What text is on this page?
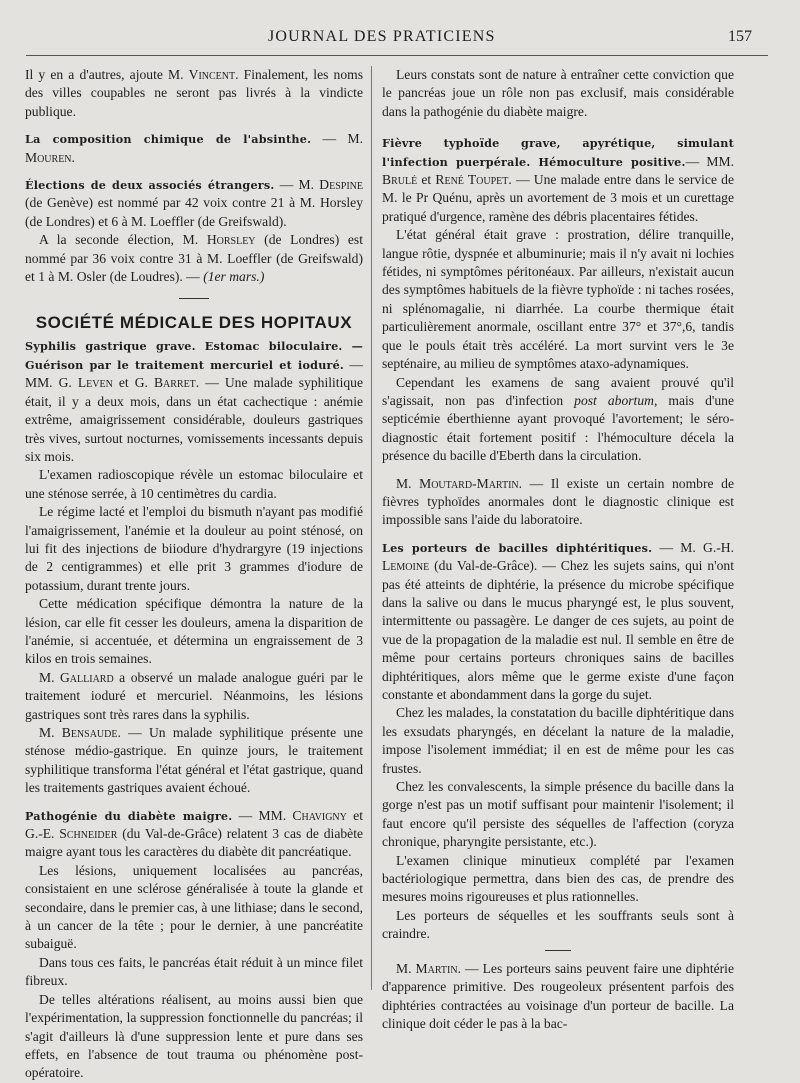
JOURNAL DES PRATICIENS	157

Il y en a d'autres, ajoute M. Vincent. Finalement, les noms des villes coupables ne seront pas livrés à la vindicte publique.

La composition chimique de l'absinthe. — M. Mouren.

Élections de deux associés étrangers. — M. Despine (de Genève) est nommé par 42 voix contre 21 à M. Horsley (de Londres) et 6 à M. Loeffler (de Greifswald).

A la seconde élection, M. Horsley (de Londres) est nommé par 36 voix contre 31 à M. Loeffler (de Greifswald) et 1 à M. Osler (de Loudres). — (1er mars.)

SOCIÉTÉ MÉDICALE DES HOPITAUX

Syphilis gastrique grave. Estomac biloculaire. — Guérison par le traitement mercuriel et ioduré. — MM. G. Leven et G. Barret. — Une malade syphilitique était, il y a deux mois, dans un état cachectique : anémie extrême, amaigrissement considérable, douleurs gastriques très vives, surtout nocturnes, vomissements incessants depuis six mois.

L'examen radioscopique révèle un estomac biloculaire et une sténose serrée, à 10 centimètres du cardia.

Le régime lacté et l'emploi du bismuth n'ayant pas modifié l'amaigrissement, l'anémie et la douleur au point sténosé, on lui fit des injections de biiodure d'hydrargyre (19 injections de 2 centigrammes) et elle prit 3 grammes d'iodure de potassium, durant trente jours.

Cette médication spécifique démontra la nature de la lésion, car elle fit cesser les douleurs, amena la disparition de l'anémie, si accentuée, et détermina un engraissement de 3 kilos en trois semaines.

M. Galliard a observé un malade analogue guéri par le traitement ioduré et mercuriel. Néanmoins, les lésions gastriques sont très rares dans la syphilis.

M. Bensaude. — Un malade syphilitique présente une sténose médio-gastrique. En quinze jours, le traitement syphilitique transforma l'état général et l'état gastrique, quand les traitements gastriques avaient échoué.

Pathogénie du diabète maigre. — MM. Chavigny et G.-E. Schneider (du Val-de-Grâce) relatent 3 cas de diabète maigre ayant tous les caractères du diabète dit pancréatique.

Les lésions, uniquement localisées au pancréas, consistaient en une sclérose généralisée à toute la glande et secondaire, dans le premier cas, à une lithiase; dans le second, à un cancer de la tête ; pour le dernier, à une pancréatite subaiguë.

Dans tous ces faits, le pancréas était réduit à un mince filet fibreux.

De telles altérations réalisent, au moins aussi bien que l'expérimentation, la suppression fonctionnelle du pancréas; il s'agit d'ailleurs là d'une suppression lente et pure dans ses effets, en l'absence de tout trauma ou phénomène post-opératoire.

Leurs constats sont de nature à entraîner cette conviction que le pancréas joue un rôle non pas exclusif, mais considérable dans la pathogénie du diabète maigre.

Fièvre typhoïde grave, apyrétique, simulant l'infection puerpérale. Hémoculture positive.— MM. Brulé et René Toupet. — Une malade entre dans le service de M. le Pr Quénu, après un avortement de 3 mois et un curettage pratiqué d'urgence, ramène des débris placentaires fétides.

L'état général était grave : prostration, délire tranquille, langue rôtie, dyspnée et albuminurie; mais il n'y avait ni lochies fétides, ni symptômes péritonéaux. Par ailleurs, n'existait aucun des symptômes habituels de la fièvre typhoïde : ni taches rosées, ni splénomagalie, ni diarrhée. La courbe thermique était particulièrement anormale, oscillant entre 37° et 37°,6, tandis que le pouls était très accéléré. La mort survint vers le 3e septénaire, au milieu de symptômes ataxo-adynamiques.

Cependant les examens de sang avaient prouvé qu'il s'agissait, non pas d'infection post abortum, mais d'une septicémie éberthienne ayant provoqué l'avortement; le séro-diagnostic était fortement positif : l'hémoculture décela la présence du bacille d'Eberth dans la circulation.

M. Moutard-Martin. — Il existe un certain nombre de fièvres typhoïdes anormales dont le diagnostic clinique est impossible sans l'aide du laboratoire.

Les porteurs de bacilles diphtéritiques. — M. G.-H. Lemoine (du Val-de-Grâce). — Chez les sujets sains, qui n'ont pas été atteints de diphtérie, la présence du microbe spécifique dans la salive ou dans le mucus pharyngé est, le plus souvent, intermittente ou passagère. Le danger de ces sujets, au point de vue de la propagation de la maladie est nul. Il semble en être de même pour certains porteurs chroniques sains de bacilles diphtéritiques, alors même que le germe existe d'une façon constante et abondamment dans la gorge du sujet.

Chez les malades, la constatation du bacille diphtéritique dans les exsudats pharyngés, en décelant la nature de la maladie, impose l'isolement immédiat; il en est de même pour les cas frustes.

Chez les convalescents, la simple présence du bacille dans la gorge n'est pas un motif suffisant pour maintenir l'isolement; il faut encore qu'il persiste des séquelles de l'affection (coryza chronique, pharyngite persistante, etc.).

L'examen clinique minutieux complété par l'examen bactériologique permettra, dans bien des cas, de prendre des mesures moins rigoureuses et plus rationnelles.

Les porteurs de séquelles et les souffrants seuls sont à craindre.

M. Martin. — Les porteurs sains peuvent faire une diphtérie d'apparence primitive. Des rougeoleux présentent parfois des diphtéries contractées au voisinage d'un porteur de bacille. La clinique doit céder le pas à la bac-
